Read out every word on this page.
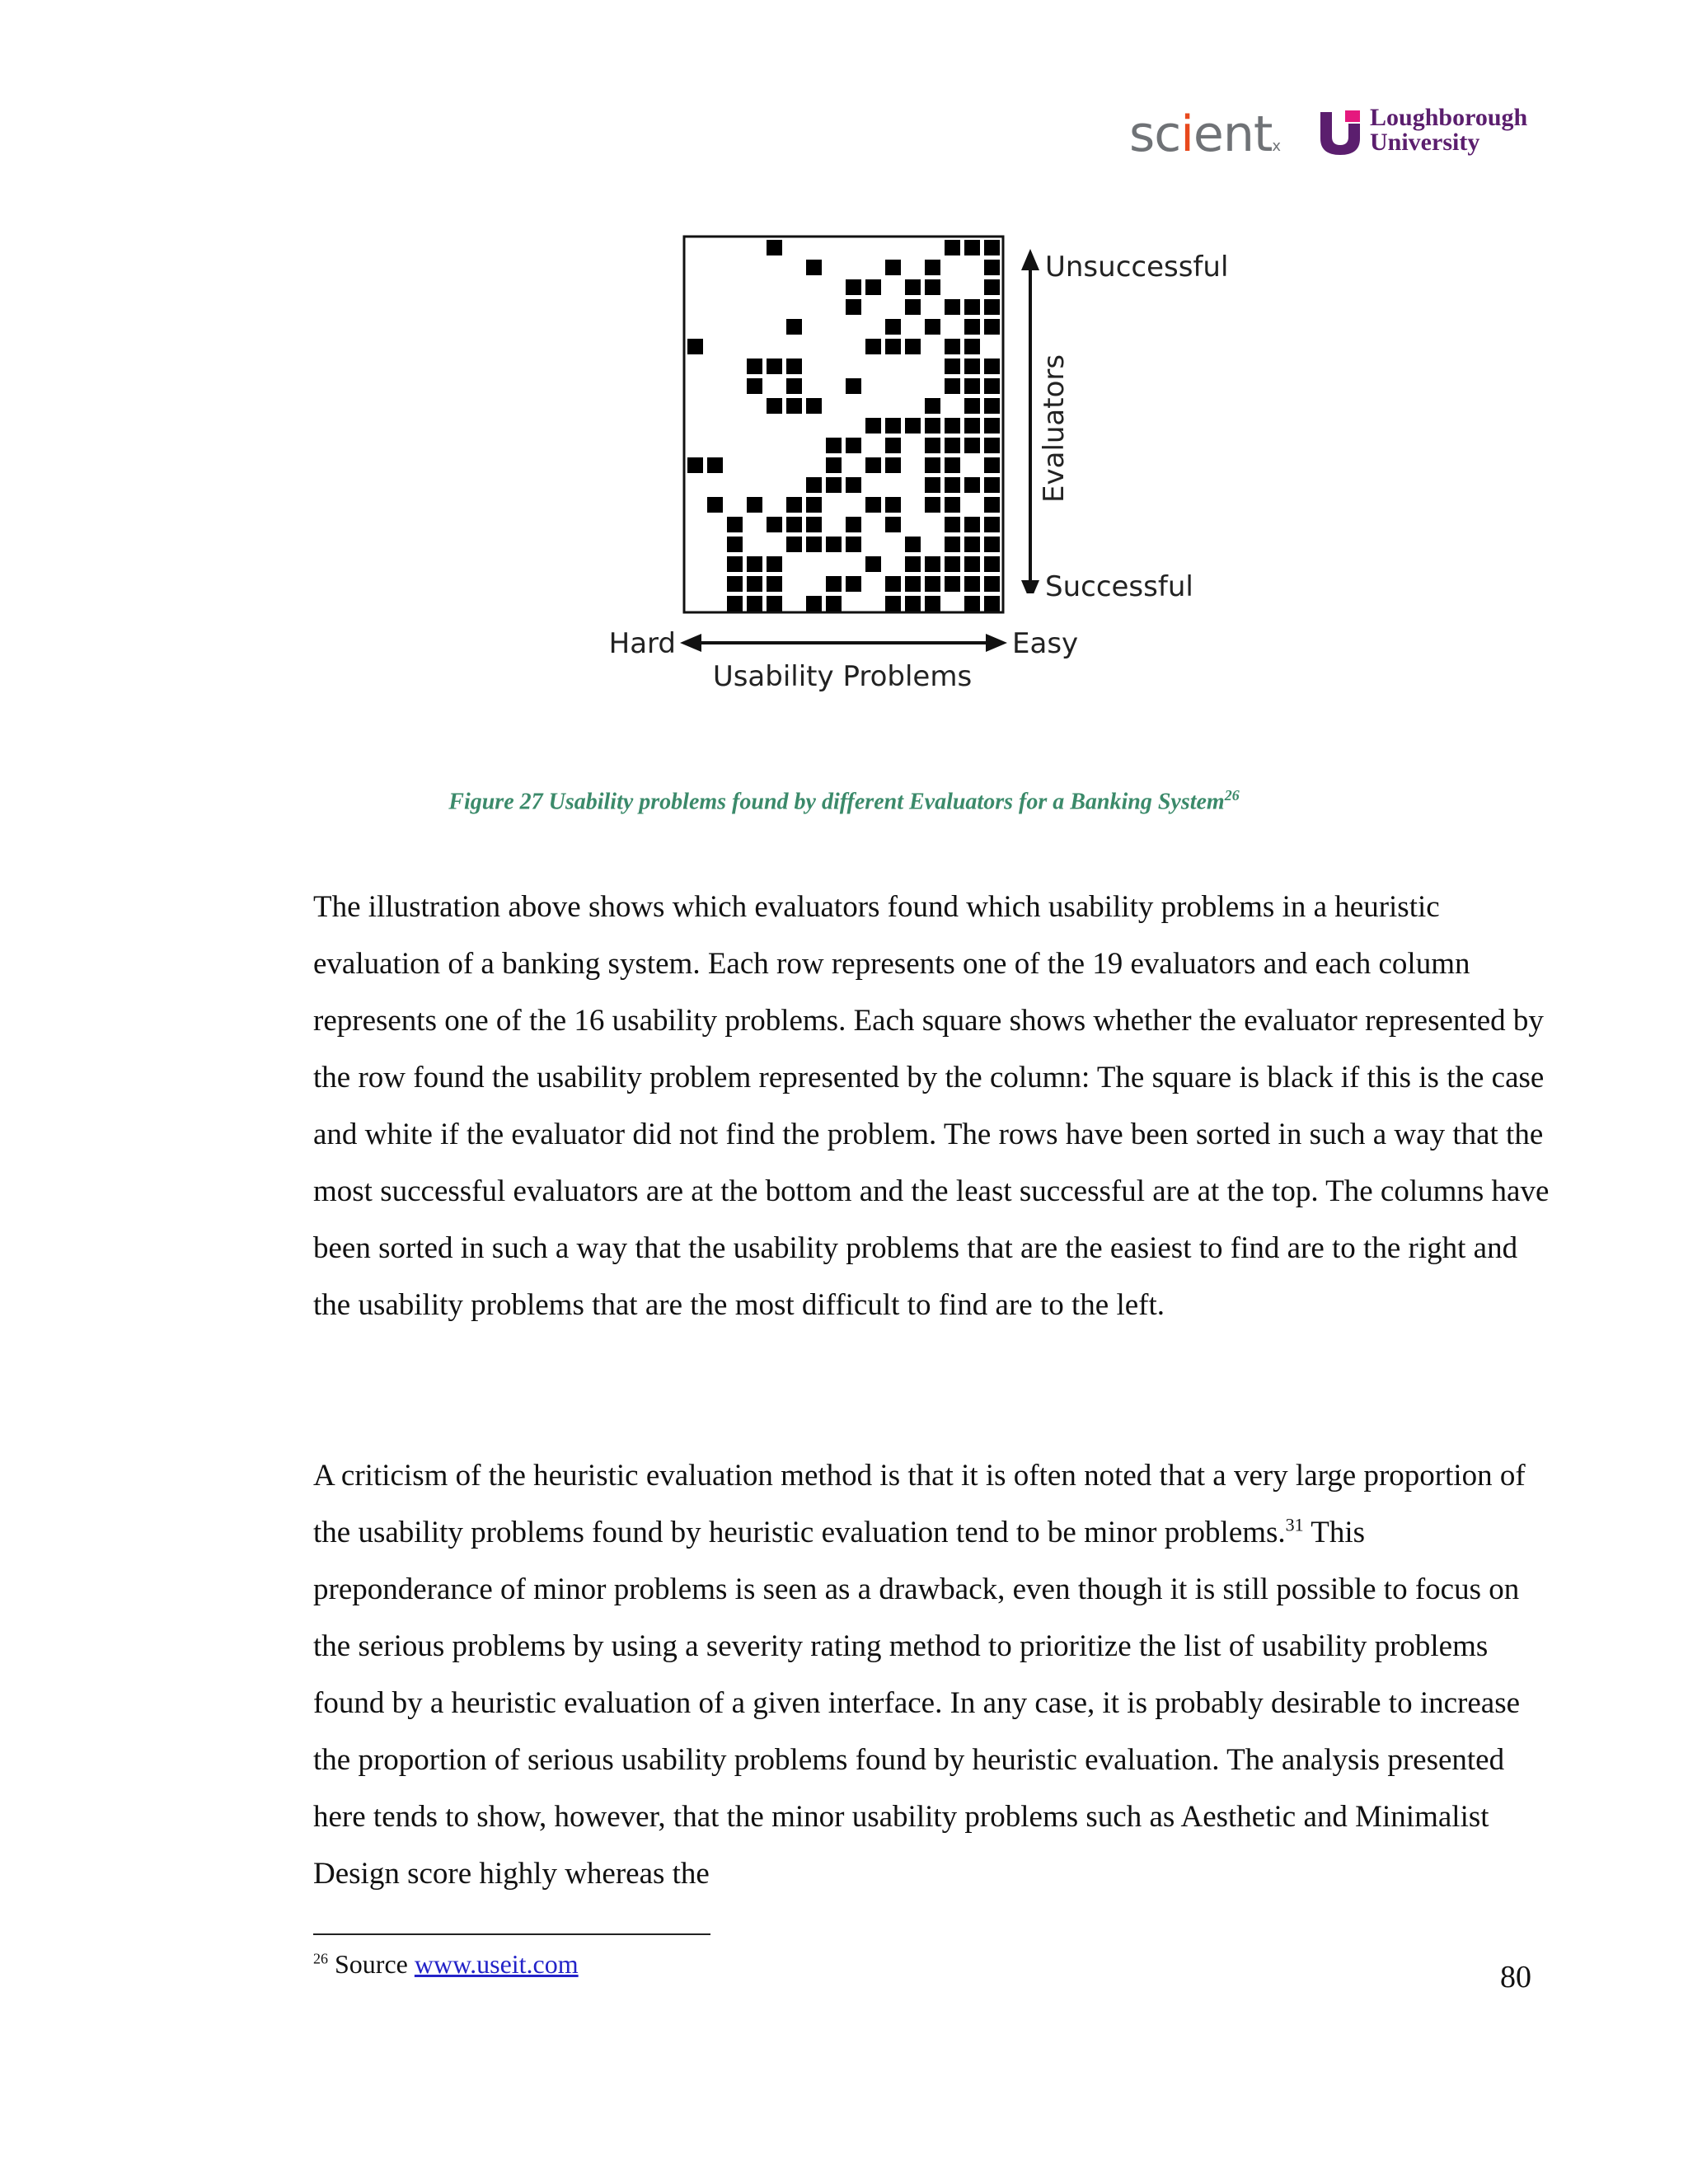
scientx
Loughborough
University
Unsuccessful
Successful
Evaluators
Hard	Easy
Usability Problems
Figure 27 Usability problems found by different Evaluators for a Banking System$^{26}$

The illustration above shows which evaluators found which usability problems in a heuristic evaluation of a banking system. Each row represents one of the 19 evaluators and each column represents one of the 16 usability problems. Each square shows whether the evaluator represented by the row found the usability problem represented by the column: The square is black if this is the case and white if the evaluator did not find the problem. The rows have been sorted in such a way that the most successful evaluators are at the bottom and the least successful are at the top. The columns have been sorted in such a way that the usability problems that are the easiest to find are to the right and the usability problems that are the most difficult to find are to the left.

A criticism of the heuristic evaluation method is that it is often noted that a very large proportion of the usability problems found by heuristic evaluation tend to be minor problems.$^{31}$ This preponderance of minor problems is seen as a drawback, even though it is still possible to focus on the serious problems by using a severity rating method to prioritize the list of usability problems found by a heuristic evaluation of a given interface. In any case, it is probably desirable to increase the proportion of serious usability problems found by heuristic evaluation. The analysis presented here tends to show, however, that the minor usability problems such as Aesthetic and Minimalist Design score highly whereas the

$^{26}$ Source www.useit.com	80
